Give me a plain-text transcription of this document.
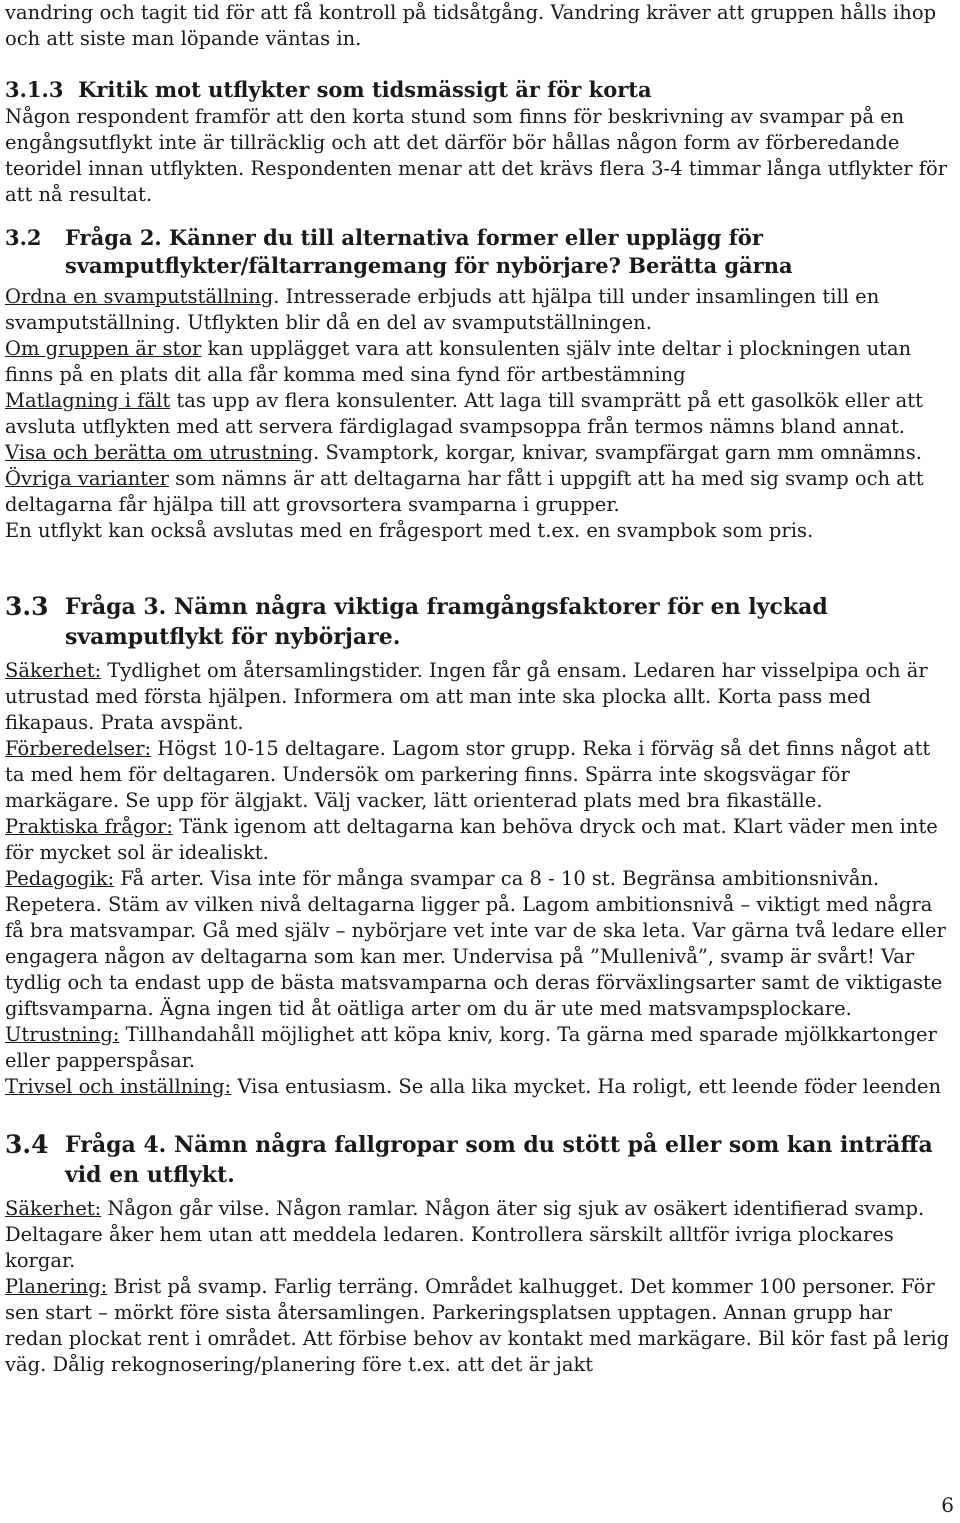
vandring och tagit tid för att få kontroll på tidsåtgång. Vandring kräver att gruppen hålls ihop och att siste man löpande väntas in.

3.1.3 Kritik mot utflykter som tidsmässigt är för korta

Någon respondent framför att den korta stund som finns för beskrivning av svampar på en engångsutflykt inte är tillräcklig och att det därför bör hållas någon form av förberedande teoridel innan utflykten. Respondenten menar att det krävs flera 3-4 timmar långa utflykter för att nå resultat.

3.2 Fråga 2. Känner du till alternativa former eller upplägg för svamputflykter/fältarrangemang för nybörjare? Berätta gärna

Ordna en svamputställning. Intresserade erbjuds att hjälpa till under insamlingen till en svamputställning. Utflykten blir då en del av svamputställningen.

Om gruppen är stor kan upplägget vara att konsulenten själv inte deltar i plockningen utan finns på en plats dit alla får komma med sina fynd för artbestämning

Matlagning i fält tas upp av flera konsulenter. Att laga till svamprätt på ett gasolkök eller att avsluta utflykten med att servera färdiglagad svampsoppa från termos nämns bland annat.

Visa och berätta om utrustning. Svamptork, korgar, knivar, svampfärgat garn mm omnämns.

Övriga varianter som nämns är att deltagarna har fått i uppgift att ha med sig svamp och att deltagarna får hjälpa till att grovsortera svamparna i grupper.

En utflykt kan också avslutas med en frågesport med t.ex. en svampbok som pris.

3.3 Fråga 3. Nämn några viktiga framgångsfaktorer för en lyckad svamputflykt för nybörjare.

Säkerhet: Tydlighet om återsamlingstider. Ingen får gå ensam. Ledaren har visselpipa och är utrustad med första hjälpen. Informera om att man inte ska plocka allt. Korta pass med fikapaus. Prata avspänt.

Förberedelser: Högst 10-15 deltagare. Lagom stor grupp. Reka i förväg så det finns något att ta med hem för deltagaren. Undersök om parkering finns. Spärra inte skogsvägar för markägare. Se upp för älgjakt. Välj vacker, lätt orienterad plats med bra fikaställe.

Praktiska frågor: Tänk igenom att deltagarna kan behöva dryck och mat. Klart väder men inte för mycket sol är idealiskt.

Pedagogik: Få arter. Visa inte för många svampar ca 8 - 10 st. Begränsa ambitionsnivån. Repetera. Stäm av vilken nivå deltagarna ligger på. Lagom ambitionsnivå – viktigt med några få bra matsvampar. Gå med själv – nybörjare vet inte var de ska leta. Var gärna två ledare eller engagera någon av deltagarna som kan mer. Undervisa på ”Mullenivå”, svamp är svårt! Var tydlig och ta endast upp de bästa matsvamparna och deras förväxlingsarter samt de viktigaste giftsvamparna. Ägna ingen tid åt oätliga arter om du är ute med matsvampsplockare.

Utrustning: Tillhandahåll möjlighet att köpa kniv, korg. Ta gärna med sparade mjölkkartonger eller papperspåsar.

Trivsel och inställning: Visa entusiasm. Se alla lika mycket. Ha roligt, ett leende föder leenden

3.4 Fråga 4. Nämn några fallgropar som du stött på eller som kan inträffa vid en utflykt.

Säkerhet: Någon går vilse. Någon ramlar. Någon äter sig sjuk av osäkert identifierad svamp. Deltagare åker hem utan att meddela ledaren. Kontrollera särskilt alltför ivriga plockares korgar.

Planering: Brist på svamp. Farlig terräng. Området kalhugget. Det kommer 100 personer. För sen start – mörkt före sista återsamlingen. Parkeringsplatsen upptagen. Annan grupp har redan plockat rent i området. Att förbise behov av kontakt med markägare. Bil kör fast på lerig väg. Dålig rekognosering/planering före t.ex. att det är jakt

6
